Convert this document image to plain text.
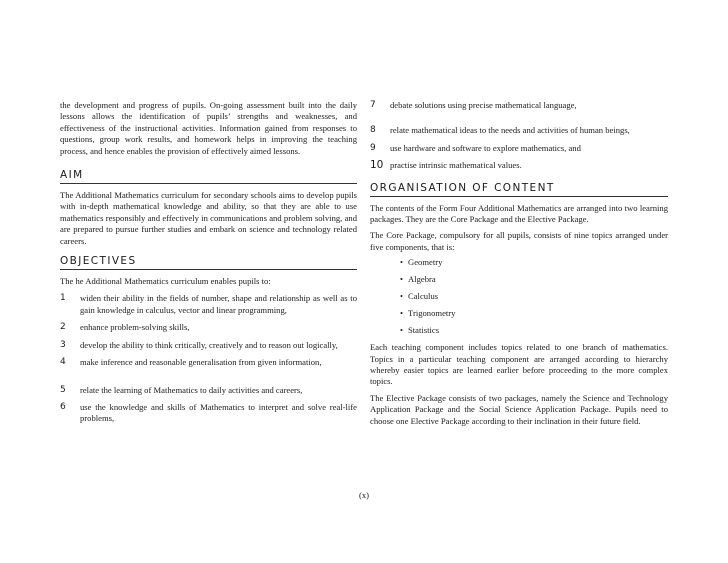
the development and progress of pupils. On-going assessment built into the daily lessons allows the identification of pupils’ strengths and weaknesses, and effectiveness of the instructional activities. Information gained from responses to questions, group work results, and homework helps in improving the teaching process, and hence enables the provision of effectively aimed lessons.

AIM

The Additional Mathematics curriculum for secondary schools aims to develop pupils with in-depth mathematical knowledge and ability, so that they are able to use mathematics responsibly and effectively in communications and problem solving, and are prepared to pursue further studies and embark on science and technology related careers.

OBJECTIVES

The he Additional Mathematics curriculum enables pupils to:

1	widen their ability in the fields of number, shape and relationship as well as to gain knowledge in calculus, vector and linear programming,
2	enhance problem-solving skills,
3	develop the ability to think critically, creatively and to reason out logically,
4	make inference and reasonable generalisation from given information,
5	relate the learning of Mathematics to daily activities and careers,
6	use the knowledge and skills of Mathematics to interpret and solve real-life problems,
7	debate solutions using precise mathematical language,
8	relate mathematical ideas to the needs and activities of human beings,
9	use hardware and software to explore mathematics, and
10 practise intrinsic mathematical values.
ORGANISATION OF CONTENT

The contents of the Form Four Additional Mathematics are arranged into two learning packages. They are the Core Package and the Elective Package.

The Core Package, compulsory for all pupils, consists of nine topics arranged under five components, that is:

• Geometry
• Algebra
• Calculus
• Trigonometry
• Statistics

Each teaching component includes topics related to one branch of mathematics. Topics in a particular teaching component are arranged according to hierarchy whereby easier topics are learned earlier before proceeding to the more complex topics.

The Elective Package consists of two packages, namely the Science and Technology Application Package and the Social Science Application Package. Pupils need to choose one Elective Package according to their inclination in their future field.

(x)
